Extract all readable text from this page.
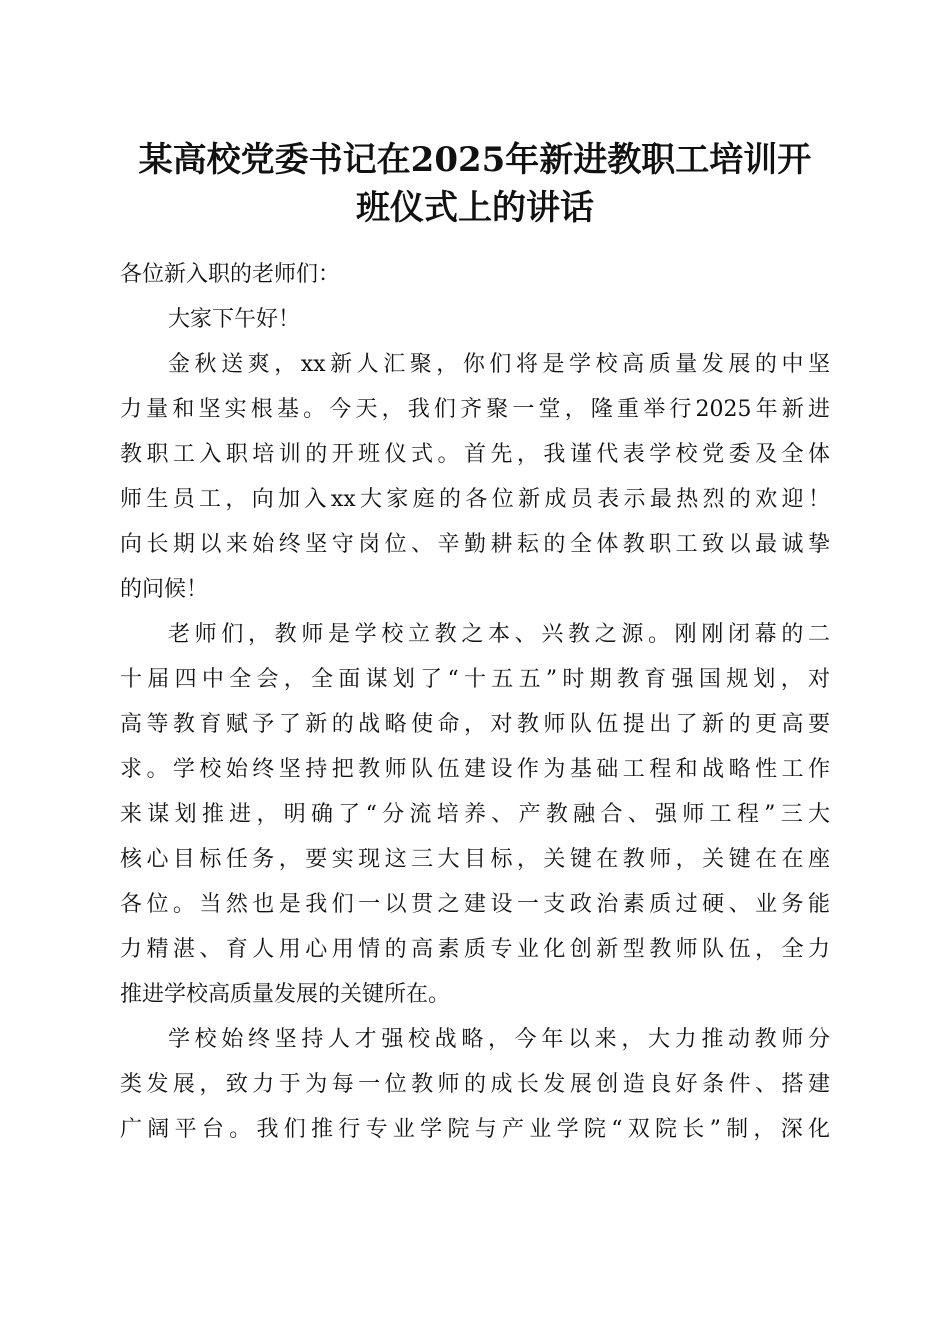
某高校党委书记在2025年新进教职工培训开
班仪式上的讲话

各位新入职的老师们：

大家下午好！

金秋送爽，xx新人汇聚，你们将是学校高质量发展的中坚
力量和坚实根基。今天，我们齐聚一堂，隆重举行2025年新进
教职工入职培训的开班仪式。首先，我谨代表学校党委及全体
师生员工，向加入xx大家庭的各位新成员表示最热烈的欢迎！
向长期以来始终坚守岗位、辛勤耕耘的全体教职工致以最诚挚
的问候！

老师们，教师是学校立教之本、兴教之源。刚刚闭幕的二
十届四中全会，全面谋划了“十五五”时期教育强国规划，对
高等教育赋予了新的战略使命，对教师队伍提出了新的更高要
求。学校始终坚持把教师队伍建设作为基础工程和战略性工作
来谋划推进，明确了“分流培养、产教融合、强师工程”三大
核心目标任务，要实现这三大目标，关键在教师，关键在在座
各位。当然也是我们一以贯之建设一支政治素质过硬、业务能
力精湛、育人用心用情的高素质专业化创新型教师队伍，全力
推进学校高质量发展的关键所在。

学校始终坚持人才强校战略，今年以来，大力推动教师分
类发展，致力于为每一位教师的成长发展创造良好条件、搭建
广阔平台。我们推行专业学院与产业学院“双院长”制，深化
